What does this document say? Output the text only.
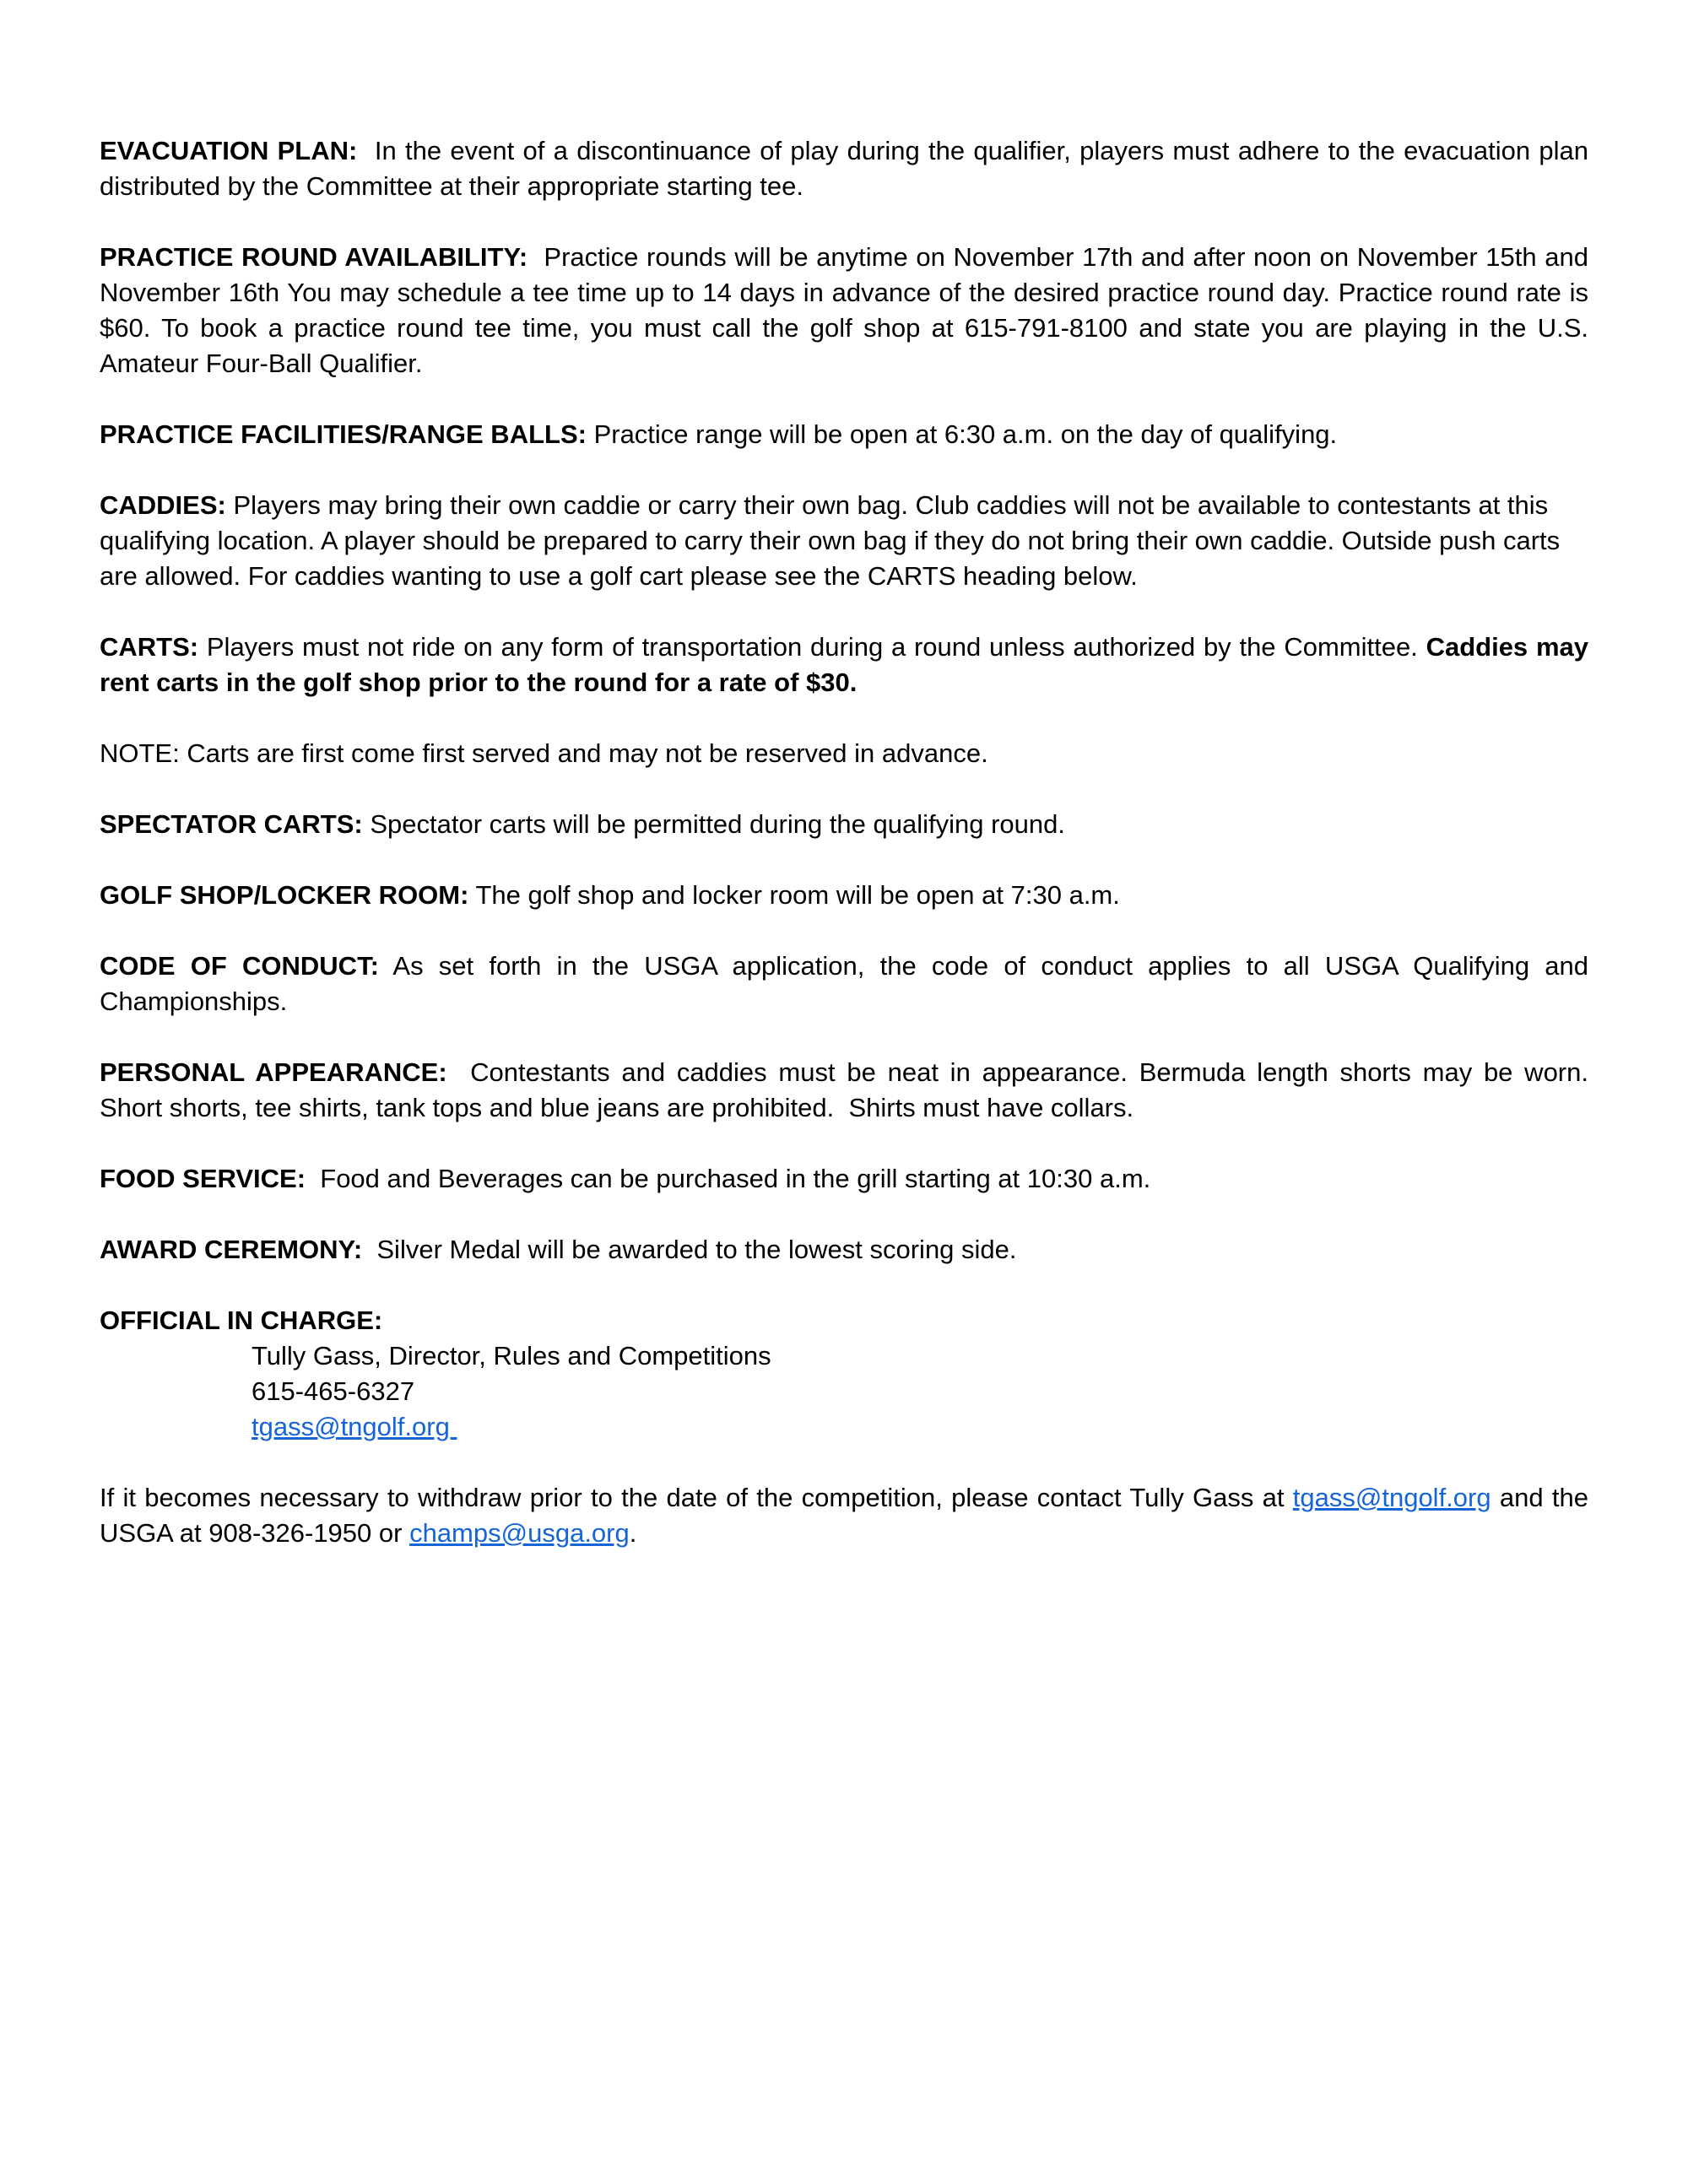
EVACUATION PLAN:  In the event of a discontinuance of play during the qualifier, players must adhere to the evacuation plan distributed by the Committee at their appropriate starting tee.

PRACTICE ROUND AVAILABILITY:  Practice rounds will be anytime on November 17th and after noon on November 15th and November 16th You may schedule a tee time up to 14 days in advance of the desired practice round day. Practice round rate is $60. To book a practice round tee time, you must call the golf shop at 615-791-8100 and state you are playing in the U.S. Amateur Four-Ball Qualifier.

PRACTICE FACILITIES/RANGE BALLS: Practice range will be open at 6:30 a.m. on the day of qualifying.

CADDIES: Players may bring their own caddie or carry their own bag. Club caddies will not be available to contestants at this qualifying location. A player should be prepared to carry their own bag if they do not bring their own caddie. Outside push carts are allowed. For caddies wanting to use a golf cart please see the CARTS heading below.

CARTS: Players must not ride on any form of transportation during a round unless authorized by the Committee. Caddies may rent carts in the golf shop prior to the round for a rate of $30.

NOTE: Carts are first come first served and may not be reserved in advance.

SPECTATOR CARTS: Spectator carts will be permitted during the qualifying round.

GOLF SHOP/LOCKER ROOM: The golf shop and locker room will be open at 7:30 a.m.

CODE OF CONDUCT: As set forth in the USGA application, the code of conduct applies to all USGA Qualifying and Championships.

PERSONAL APPEARANCE:  Contestants and caddies must be neat in appearance. Bermuda length shorts may be worn. Short shorts, tee shirts, tank tops and blue jeans are prohibited.  Shirts must have collars.

FOOD SERVICE:  Food and Beverages can be purchased in the grill starting at 10:30 a.m.

AWARD CEREMONY:  Silver Medal will be awarded to the lowest scoring side.

OFFICIAL IN CHARGE:

Tully Gass, Director, Rules and Competitions
615-465-6327
tgass@tngolf.org

If it becomes necessary to withdraw prior to the date of the competition, please contact Tully Gass at tgass@tngolf.org and the USGA at 908-326-1950 or champs@usga.org.
